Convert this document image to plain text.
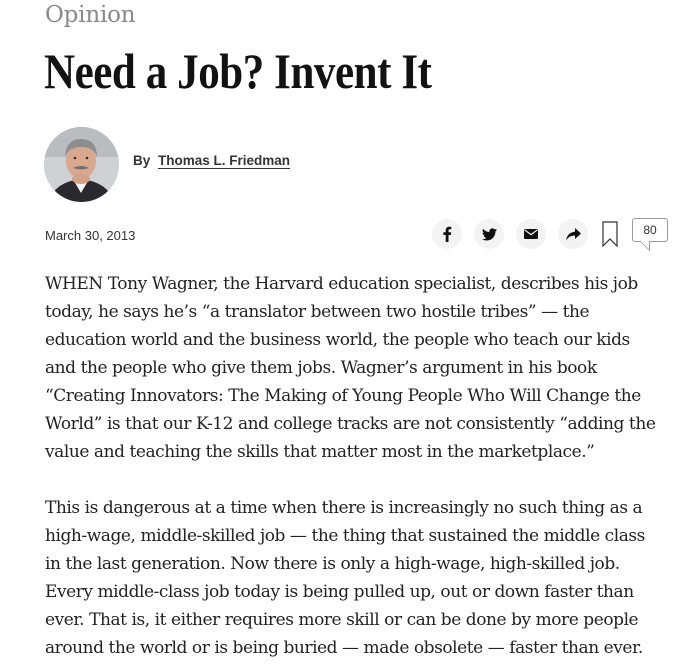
Opinion
Need a Job? Invent It
By Thomas L. Friedman
March 30, 2013	80

WHEN Tony Wagner, the Harvard education specialist, describes his job
today, he says he’s “a translator between two hostile tribes” — the
education world and the business world, the people who teach our kids
and the people who give them jobs. Wagner’s argument in his book
“Creating Innovators: The Making of Young People Who Will Change the
World” is that our K-12 and college tracks are not consistently “adding the
value and teaching the skills that matter most in the marketplace.”

This is dangerous at a time when there is increasingly no such thing as a
high-wage, middle-skilled job — the thing that sustained the middle class
in the last generation. Now there is only a high-wage, high-skilled job.
Every middle-class job today is being pulled up, out or down faster than
ever. That is, it either requires more skill or can be done by more people
around the world or is being buried — made obsolete — faster than ever.
